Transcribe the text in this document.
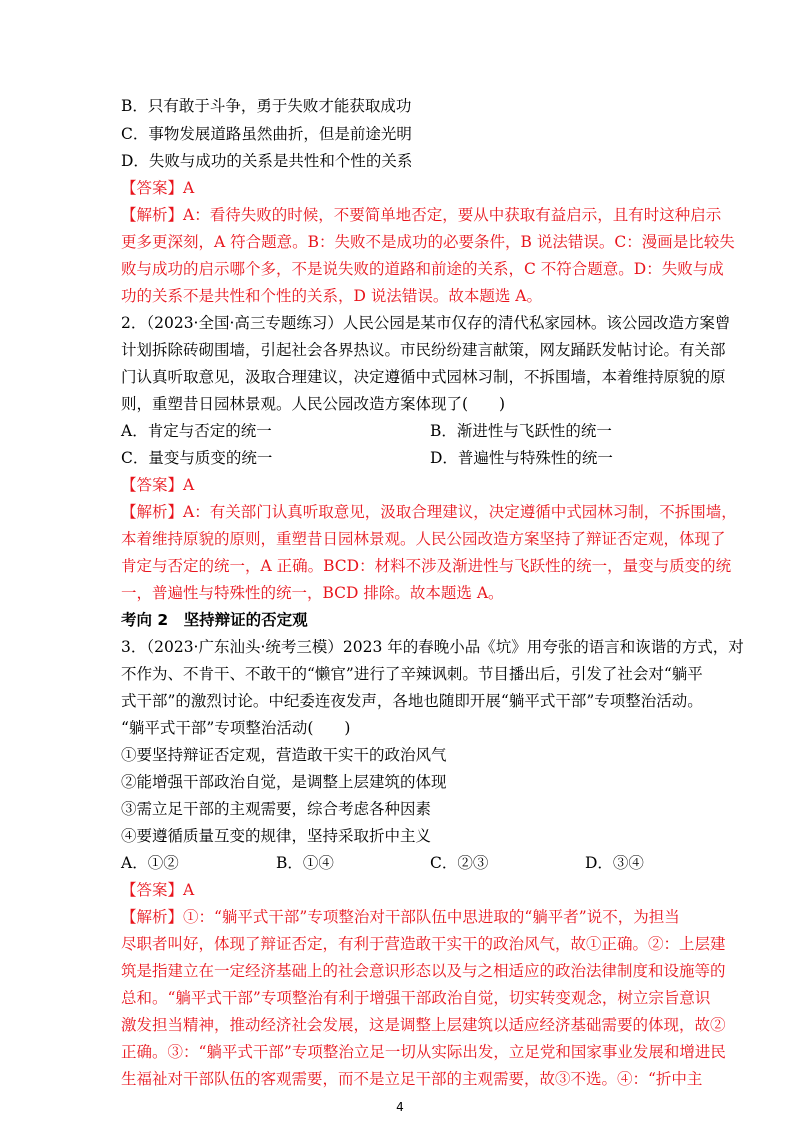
B．只有敢于斗争，勇于失败才能获取成功
C．事物发展道路虽然曲折，但是前途光明
D．失败与成功的关系是共性和个性的关系
【答案】A
【解析】A：看待失败的时候，不要简单地否定，要从中获取有益启示，且有时这种启示
更多更深刻，A 符合题意。B：失败不是成功的必要条件，B 说法错误。C：漫画是比较失
败与成功的启示哪个多，不是说失败的道路和前途的关系，C 不符合题意。D：失败与成
功的关系不是共性和个性的关系，D 说法错误。故本题选 A。
2．（2023·全国·高三专题练习）人民公园是某市仅存的清代私家园林。该公园改造方案曾
计划拆除砖砌围墙，引起社会各界热议。市民纷纷建言献策，网友踊跃发帖讨论。有关部
门认真听取意见，汲取合理建议，决定遵循中式园林习制，不拆围墙，本着维持原貌的原
则，重塑昔日园林景观。人民公园改造方案体现了(　　)
A．肯定与否定的统一	B．渐进性与飞跃性的统一
C．量变与质变的统一	D．普遍性与特殊性的统一
【答案】A
【解析】A：有关部门认真听取意见，汲取合理建议，决定遵循中式园林习制，不拆围墙，
本着维持原貌的原则，重塑昔日园林景观。人民公园改造方案坚持了辩证否定观，体现了
肯定与否定的统一，A 正确。BCD：材料不涉及渐进性与飞跃性的统一，量变与质变的统
一，普遍性与特殊性的统一，BCD 排除。故本题选 A。
考向 2　坚持辩证的否定观
3．（2023·广东汕头·统考三模）2023 年的春晚小品《坑》用夸张的语言和诙谐的方式，对
不作为、不肯干、不敢干的“懒官”进行了辛辣讽刺。节目播出后，引发了社会对“躺平
式干部”的激烈讨论。中纪委连夜发声，各地也随即开展“躺平式干部”专项整治活动。
“躺平式干部”专项整治活动(　　)
①要坚持辩证否定观，营造敢干实干的政治风气
②能增强干部政治自觉，是调整上层建筑的体现
③需立足干部的主观需要，综合考虑各种因素
④要遵循质量互变的规律，坚持采取折中主义
A．①②	B．①④	C．②③	D．③④
【答案】A
【解析】①：“躺平式干部”专项整治对干部队伍中思进取的“躺平者”说不，为担当
尽职者叫好，体现了辩证否定，有利于营造敢干实干的政治风气，故①正确。②：上层建
筑是指建立在一定经济基础上的社会意识形态以及与之相适应的政治法律制度和设施等的
总和。“躺平式干部”专项整治有利于增强干部政治自觉，切实转变观念，树立宗旨意识
激发担当精神，推动经济社会发展，这是调整上层建筑以适应经济基础需要的体现，故②
正确。③：“躺平式干部”专项整治立足一切从实际出发，立足党和国家事业发展和增进民
生福祉对干部队伍的客观需要，而不是立足干部的主观需要，故③不选。④：“折中主
4
